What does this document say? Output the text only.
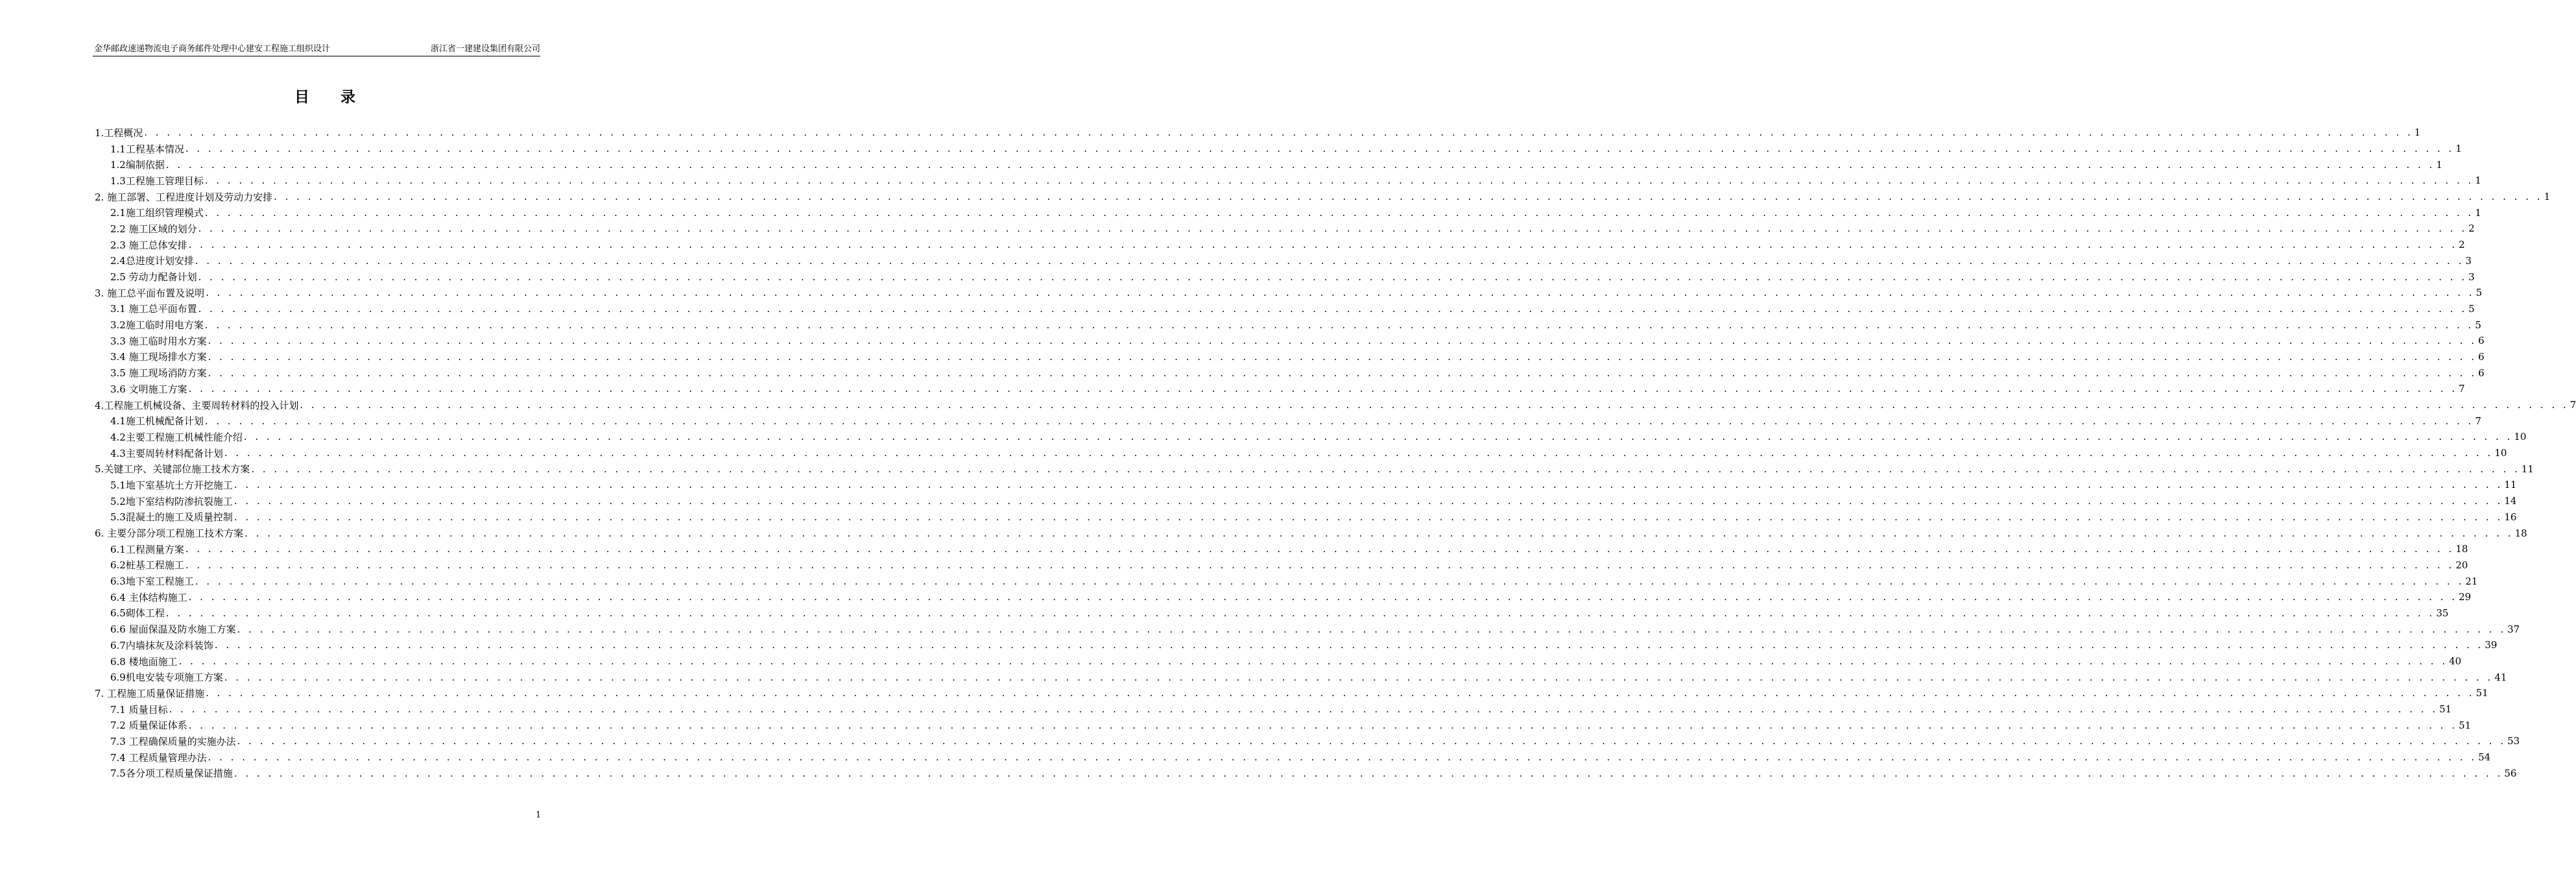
金华邮政速递物流电子商务邮件处理中心建安工程施工组织设计	浙江省一建建设集团有限公司
目 录
1.工程概况 . . . . . . . . . . . . . . . . . . . . . . . . . . . . . . . . . . . . . . . . . . . . . . . . . . . . . . . . . . . . . . . . . . . . . . . . . . . . . . . . . . . . . . . . . . . . . . . . . . . . . . . . . . . . . . . . . . . . . . . . . . . . . . . . . . . . . . . . . . . . . . . . . . . . . . . . . . . . . . . . . . . . . . . . . . . . . . . . . . . . . . . . . . . . . . . . . . . . . . . . 1
1.1工程基本情况 . . . . . . . . . . . . . . . . . . . . . . . . . . . . . . . . . . . . . . . . . . . . . . . . . . . . . . . . . . . . . . . . . . . . . . . . . . . . . . . . . . . . . . . . . . . . . . . . . . . . . . . . . . . . . . . . . . . . . . . . . . . . . . . . . . . . . . . . . . . . . . . . . . . . . . . . . . . . . . . . . . . . . . . . . . . . . . . . . . . . . . . . . . . . . . . . . . . . . . . . 1
1.2编制依据 . . . . . . . . . . . . . . . . . . . . . . . . . . . . . . . . . . . . . . . . . . . . . . . . . . . . . . . . . . . . . . . . . . . . . . . . . . . . . . . . . . . . . . . . . . . . . . . . . . . . . . . . . . . . . . . . . . . . . . . . . . . . . . . . . . . . . . . . . . . . . . . . . . . . . . . . . . . . . . . . . . . . . . . . . . . . . . . . . . . . . . . . . . . . . . . . . . . . . . . . 1
1.3工程施工管理目标 . . . . . . . . . . . . . . . . . . . . . . . . . . . . . . . . . . . . . . . . . . . . . . . . . . . . . . . . . . . . . . . . . . . . . . . . . . . . . . . . . . . . . . . . . . . . . . . . . . . . . . . . . . . . . . . . . . . . . . . . . . . . . . . . . . . . . . . . . . . . . . . . . . . . . . . . . . . . . . . . . . . . . . . . . . . . . . . . . . . . . . . . . . . . . . . . . . . . . . . . 1
2. 施工部署、工程进度计划及劳动力安排 . . . . . . . . . . . . . . . . . . . . . . . . . . . . . . . . . . . . . . . . . . . . . . . . . . . . . . . . . . . . . . . . . . . . . . . . . . . . . . . . . . . . . . . . . . . . . . . . . . . . . . . . . . . . . . . . . . . . . . . . . . . . . . . . . . . . . . . . . . . . . . . . . . . . . . . . . . . . . . . . . . . . . . . . . . . . . . . . . . . . . . . . . . . . . . . . . . . . . . . . 1
2.1施工组织管理模式 . . . . . . . . . . . . . . . . . . . . . . . . . . . . . . . . . . . . . . . . . . . . . . . . . . . . . . . . . . . . . . . . . . . . . . . . . . . . . . . . . . . . . . . . . . . . . . . . . . . . . . . . . . . . . . . . . . . . . . . . . . . . . . . . . . . . . . . . . . . . . . . . . . . . . . . . . . . . . . . . . . . . . . . . . . . . . . . . . . . . . . . . . . . . . . . . . . . . . . . . 1
2.2 施工区域的划分 . . . . . . . . . . . . . . . . . . . . . . . . . . . . . . . . . . . . . . . . . . . . . . . . . . . . . . . . . . . . . . . . . . . . . . . . . . . . . . . . . . . . . . . . . . . . . . . . . . . . . . . . . . . . . . . . . . . . . . . . . . . . . . . . . . . . . . . . . . . . . . . . . . . . . . . . . . . . . . . . . . . . . . . . . . . . . . . . . . . . . . . . . . . . . . . . . . . . . . . . 2
2.3 施工总体安排 . . . . . . . . . . . . . . . . . . . . . . . . . . . . . . . . . . . . . . . . . . . . . . . . . . . . . . . . . . . . . . . . . . . . . . . . . . . . . . . . . . . . . . . . . . . . . . . . . . . . . . . . . . . . . . . . . . . . . . . . . . . . . . . . . . . . . . . . . . . . . . . . . . . . . . . . . . . . . . . . . . . . . . . . . . . . . . . . . . . . . . . . . . . . . . . . . . . . . . . . 2
2.4总进度计划安排 . . . . . . . . . . . . . . . . . . . . . . . . . . . . . . . . . . . . . . . . . . . . . . . . . . . . . . . . . . . . . . . . . . . . . . . . . . . . . . . . . . . . . . . . . . . . . . . . . . . . . . . . . . . . . . . . . . . . . . . . . . . . . . . . . . . . . . . . . . . . . . . . . . . . . . . . . . . . . . . . . . . . . . . . . . . . . . . . . . . . . . . . . . . . . . . . . . . . . . . . 3
2.5 劳动力配备计划 . . . . . . . . . . . . . . . . . . . . . . . . . . . . . . . . . . . . . . . . . . . . . . . . . . . . . . . . . . . . . . . . . . . . . . . . . . . . . . . . . . . . . . . . . . . . . . . . . . . . . . . . . . . . . . . . . . . . . . . . . . . . . . . . . . . . . . . . . . . . . . . . . . . . . . . . . . . . . . . . . . . . . . . . . . . . . . . . . . . . . . . . . . . . . . . . . . . . . . . . 3
3. 施工总平面布置及说明 . . . . . . . . . . . . . . . . . . . . . . . . . . . . . . . . . . . . . . . . . . . . . . . . . . . . . . . . . . . . . . . . . . . . . . . . . . . . . . . . . . . . . . . . . . . . . . . . . . . . . . . . . . . . . . . . . . . . . . . . . . . . . . . . . . . . . . . . . . . . . . . . . . . . . . . . . . . . . . . . . . . . . . . . . . . . . . . . . . . . . . . . . . . . . . . . . . . . . . . . 5
3.1 施工总平面布置 . . . . . . . . . . . . . . . . . . . . . . . . . . . . . . . . . . . . . . . . . . . . . . . . . . . . . . . . . . . . . . . . . . . . . . . . . . . . . . . . . . . . . . . . . . . . . . . . . . . . . . . . . . . . . . . . . . . . . . . . . . . . . . . . . . . . . . . . . . . . . . . . . . . . . . . . . . . . . . . . . . . . . . . . . . . . . . . . . . . . . . . . . . . . . . . . . . . . . . . . 5
3.2施工临时用电方案 . . . . . . . . . . . . . . . . . . . . . . . . . . . . . . . . . . . . . . . . . . . . . . . . . . . . . . . . . . . . . . . . . . . . . . . . . . . . . . . . . . . . . . . . . . . . . . . . . . . . . . . . . . . . . . . . . . . . . . . . . . . . . . . . . . . . . . . . . . . . . . . . . . . . . . . . . . . . . . . . . . . . . . . . . . . . . . . . . . . . . . . . . . . . . . . . . . . . . . . . 5
3.3 施工临时用水方案 . . . . . . . . . . . . . . . . . . . . . . . . . . . . . . . . . . . . . . . . . . . . . . . . . . . . . . . . . . . . . . . . . . . . . . . . . . . . . . . . . . . . . . . . . . . . . . . . . . . . . . . . . . . . . . . . . . . . . . . . . . . . . . . . . . . . . . . . . . . . . . . . . . . . . . . . . . . . . . . . . . . . . . . . . . . . . . . . . . . . . . . . . . . . . . . . . . . . . . . . 6
3.4 施工现场排水方案 . . . . . . . . . . . . . . . . . . . . . . . . . . . . . . . . . . . . . . . . . . . . . . . . . . . . . . . . . . . . . . . . . . . . . . . . . . . . . . . . . . . . . . . . . . . . . . . . . . . . . . . . . . . . . . . . . . . . . . . . . . . . . . . . . . . . . . . . . . . . . . . . . . . . . . . . . . . . . . . . . . . . . . . . . . . . . . . . . . . . . . . . . . . . . . . . . . . . . . . . 6
3.5 施工现场消防方案 . . . . . . . . . . . . . . . . . . . . . . . . . . . . . . . . . . . . . . . . . . . . . . . . . . . . . . . . . . . . . . . . . . . . . . . . . . . . . . . . . . . . . . . . . . . . . . . . . . . . . . . . . . . . . . . . . . . . . . . . . . . . . . . . . . . . . . . . . . . . . . . . . . . . . . . . . . . . . . . . . . . . . . . . . . . . . . . . . . . . . . . . . . . . . . . . . . . . . . . . 6
3.6 文明施工方案 . . . . . . . . . . . . . . . . . . . . . . . . . . . . . . . . . . . . . . . . . . . . . . . . . . . . . . . . . . . . . . . . . . . . . . . . . . . . . . . . . . . . . . . . . . . . . . . . . . . . . . . . . . . . . . . . . . . . . . . . . . . . . . . . . . . . . . . . . . . . . . . . . . . . . . . . . . . . . . . . . . . . . . . . . . . . . . . . . . . . . . . . . . . . . . . . . . . . . . . . 7
4.工程施工机械设备、主要周转材料的投入计划 . . . . . . . . . . . . . . . . . . . . . . . . . . . . . . . . . . . . . . . . . . . . . . . . . . . . . . . . . . . . . . . . . . . . . . . . . . . . . . . . . . . . . . . . . . . . . . . . . . . . . . . . . . . . . . . . . . . . . . . . . . . . . . . . . . . . . . . . . . . . . . . . . . . . . . . . . . . . . . . . . . . . . . . . . . . . . . . . . . . . . . . . . . . . . . . . . . . . . . . . 7
4.1施工机械配备计划 . . . . . . . . . . . . . . . . . . . . . . . . . . . . . . . . . . . . . . . . . . . . . . . . . . . . . . . . . . . . . . . . . . . . . . . . . . . . . . . . . . . . . . . . . . . . . . . . . . . . . . . . . . . . . . . . . . . . . . . . . . . . . . . . . . . . . . . . . . . . . . . . . . . . . . . . . . . . . . . . . . . . . . . . . . . . . . . . . . . . . . . . . . . . . . . . . . . . . . . . 7
4.2主要工程施工机械性能介绍 . . . . . . . . . . . . . . . . . . . . . . . . . . . . . . . . . . . . . . . . . . . . . . . . . . . . . . . . . . . . . . . . . . . . . . . . . . . . . . . . . . . . . . . . . . . . . . . . . . . . . . . . . . . . . . . . . . . . . . . . . . . . . . . . . . . . . . . . . . . . . . . . . . . . . . . . . . . . . . . . . . . . . . . . . . . . . . . . . . . . . . . . . . . . . . . . . . . . . . . . 10
4.3主要周转材料配备计划 . . . . . . . . . . . . . . . . . . . . . . . . . . . . . . . . . . . . . . . . . . . . . . . . . . . . . . . . . . . . . . . . . . . . . . . . . . . . . . . . . . . . . . . . . . . . . . . . . . . . . . . . . . . . . . . . . . . . . . . . . . . . . . . . . . . . . . . . . . . . . . . . . . . . . . . . . . . . . . . . . . . . . . . . . . . . . . . . . . . . . . . . . . . . . . . . . . . . . . . . 10
5.关键工序、关键部位施工技术方案 . . . . . . . . . . . . . . . . . . . . . . . . . . . . . . . . . . . . . . . . . . . . . . . . . . . . . . . . . . . . . . . . . . . . . . . . . . . . . . . . . . . . . . . . . . . . . . . . . . . . . . . . . . . . . . . . . . . . . . . . . . . . . . . . . . . . . . . . . . . . . . . . . . . . . . . . . . . . . . . . . . . . . . . . . . . . . . . . . . . . . . . . . . . . . . . . . . . . . . . . 11
5.1地下室基坑土方开挖施工 . . . . . . . . . . . . . . . . . . . . . . . . . . . . . . . . . . . . . . . . . . . . . . . . . . . . . . . . . . . . . . . . . . . . . . . . . . . . . . . . . . . . . . . . . . . . . . . . . . . . . . . . . . . . . . . . . . . . . . . . . . . . . . . . . . . . . . . . . . . . . . . . . . . . . . . . . . . . . . . . . . . . . . . . . . . . . . . . . . . . . . . . . . . . . . . . . . . . . . . . 11
5.2地下室结构防渗抗裂施工 . . . . . . . . . . . . . . . . . . . . . . . . . . . . . . . . . . . . . . . . . . . . . . . . . . . . . . . . . . . . . . . . . . . . . . . . . . . . . . . . . . . . . . . . . . . . . . . . . . . . . . . . . . . . . . . . . . . . . . . . . . . . . . . . . . . . . . . . . . . . . . . . . . . . . . . . . . . . . . . . . . . . . . . . . . . . . . . . . . . . . . . . . . . . . . . . . . . . . . . . 14
5.3混凝土的施工及质量控制 . . . . . . . . . . . . . . . . . . . . . . . . . . . . . . . . . . . . . . . . . . . . . . . . . . . . . . . . . . . . . . . . . . . . . . . . . . . . . . . . . . . . . . . . . . . . . . . . . . . . . . . . . . . . . . . . . . . . . . . . . . . . . . . . . . . . . . . . . . . . . . . . . . . . . . . . . . . . . . . . . . . . . . . . . . . . . . . . . . . . . . . . . . . . . . . . . . . . . . . . 16
6. 主要分部分项工程施工技术方案 . . . . . . . . . . . . . . . . . . . . . . . . . . . . . . . . . . . . . . . . . . . . . . . . . . . . . . . . . . . . . . . . . . . . . . . . . . . . . . . . . . . . . . . . . . . . . . . . . . . . . . . . . . . . . . . . . . . . . . . . . . . . . . . . . . . . . . . . . . . . . . . . . . . . . . . . . . . . . . . . . . . . . . . . . . . . . . . . . . . . . . . . . . . . . . . . . . . . . . . . 18
6.1工程测量方案 . . . . . . . . . . . . . . . . . . . . . . . . . . . . . . . . . . . . . . . . . . . . . . . . . . . . . . . . . . . . . . . . . . . . . . . . . . . . . . . . . . . . . . . . . . . . . . . . . . . . . . . . . . . . . . . . . . . . . . . . . . . . . . . . . . . . . . . . . . . . . . . . . . . . . . . . . . . . . . . . . . . . . . . . . . . . . . . . . . . . . . . . . . . . . . . . . . . . . . . . 18
6.2桩基工程施工 . . . . . . . . . . . . . . . . . . . . . . . . . . . . . . . . . . . . . . . . . . . . . . . . . . . . . . . . . . . . . . . . . . . . . . . . . . . . . . . . . . . . . . . . . . . . . . . . . . . . . . . . . . . . . . . . . . . . . . . . . . . . . . . . . . . . . . . . . . . . . . . . . . . . . . . . . . . . . . . . . . . . . . . . . . . . . . . . . . . . . . . . . . . . . . . . . . . . . . . . 20
6.3地下室工程施工 . . . . . . . . . . . . . . . . . . . . . . . . . . . . . . . . . . . . . . . . . . . . . . . . . . . . . . . . . . . . . . . . . . . . . . . . . . . . . . . . . . . . . . . . . . . . . . . . . . . . . . . . . . . . . . . . . . . . . . . . . . . . . . . . . . . . . . . . . . . . . . . . . . . . . . . . . . . . . . . . . . . . . . . . . . . . . . . . . . . . . . . . . . . . . . . . . . . . . . . . 21
6.4 主体结构施工 . . . . . . . . . . . . . . . . . . . . . . . . . . . . . . . . . . . . . . . . . . . . . . . . . . . . . . . . . . . . . . . . . . . . . . . . . . . . . . . . . . . . . . . . . . . . . . . . . . . . . . . . . . . . . . . . . . . . . . . . . . . . . . . . . . . . . . . . . . . . . . . . . . . . . . . . . . . . . . . . . . . . . . . . . . . . . . . . . . . . . . . . . . . . . . . . . . . . . . . . 29
6.5砌体工程 . . . . . . . . . . . . . . . . . . . . . . . . . . . . . . . . . . . . . . . . . . . . . . . . . . . . . . . . . . . . . . . . . . . . . . . . . . . . . . . . . . . . . . . . . . . . . . . . . . . . . . . . . . . . . . . . . . . . . . . . . . . . . . . . . . . . . . . . . . . . . . . . . . . . . . . . . . . . . . . . . . . . . . . . . . . . . . . . . . . . . . . . . . . . . . . . . . . . . . . . 35
6.6 屋面保温及防水施工方案 . . . . . . . . . . . . . . . . . . . . . . . . . . . . . . . . . . . . . . . . . . . . . . . . . . . . . . . . . . . . . . . . . . . . . . . . . . . . . . . . . . . . . . . . . . . . . . . . . . . . . . . . . . . . . . . . . . . . . . . . . . . . . . . . . . . . . . . . . . . . . . . . . . . . . . . . . . . . . . . . . . . . . . . . . . . . . . . . . . . . . . . . . . . . . . . . . . . . . . . . 37
6.7内墙抹灰及涂料装饰 . . . . . . . . . . . . . . . . . . . . . . . . . . . . . . . . . . . . . . . . . . . . . . . . . . . . . . . . . . . . . . . . . . . . . . . . . . . . . . . . . . . . . . . . . . . . . . . . . . . . . . . . . . . . . . . . . . . . . . . . . . . . . . . . . . . . . . . . . . . . . . . . . . . . . . . . . . . . . . . . . . . . . . . . . . . . . . . . . . . . . . . . . . . . . . . . . . . . . . . . 39
6.8 楼地面施工 . . . . . . . . . . . . . . . . . . . . . . . . . . . . . . . . . . . . . . . . . . . . . . . . . . . . . . . . . . . . . . . . . . . . . . . . . . . . . . . . . . . . . . . . . . . . . . . . . . . . . . . . . . . . . . . . . . . . . . . . . . . . . . . . . . . . . . . . . . . . . . . . . . . . . . . . . . . . . . . . . . . . . . . . . . . . . . . . . . . . . . . . . . . . . . . . . . . . . . . . 40
6.9机电安装专项施工方案 . . . . . . . . . . . . . . . . . . . . . . . . . . . . . . . . . . . . . . . . . . . . . . . . . . . . . . . . . . . . . . . . . . . . . . . . . . . . . . . . . . . . . . . . . . . . . . . . . . . . . . . . . . . . . . . . . . . . . . . . . . . . . . . . . . . . . . . . . . . . . . . . . . . . . . . . . . . . . . . . . . . . . . . . . . . . . . . . . . . . . . . . . . . . . . . . . . . . . . . . 41
7. 工程施工质量保证措施 . . . . . . . . . . . . . . . . . . . . . . . . . . . . . . . . . . . . . . . . . . . . . . . . . . . . . . . . . . . . . . . . . . . . . . . . . . . . . . . . . . . . . . . . . . . . . . . . . . . . . . . . . . . . . . . . . . . . . . . . . . . . . . . . . . . . . . . . . . . . . . . . . . . . . . . . . . . . . . . . . . . . . . . . . . . . . . . . . . . . . . . . . . . . . . . . . . . . . . . . 51
7.1 质量目标 . . . . . . . . . . . . . . . . . . . . . . . . . . . . . . . . . . . . . . . . . . . . . . . . . . . . . . . . . . . . . . . . . . . . . . . . . . . . . . . . . . . . . . . . . . . . . . . . . . . . . . . . . . . . . . . . . . . . . . . . . . . . . . . . . . . . . . . . . . . . . . . . . . . . . . . . . . . . . . . . . . . . . . . . . . . . . . . . . . . . . . . . . . . . . . . . . . . . . . . . 51
7.2 质量保证体系 . . . . . . . . . . . . . . . . . . . . . . . . . . . . . . . . . . . . . . . . . . . . . . . . . . . . . . . . . . . . . . . . . . . . . . . . . . . . . . . . . . . . . . . . . . . . . . . . . . . . . . . . . . . . . . . . . . . . . . . . . . . . . . . . . . . . . . . . . . . . . . . . . . . . . . . . . . . . . . . . . . . . . . . . . . . . . . . . . . . . . . . . . . . . . . . . . . . . . . . . 51
7.3 工程确保质量的实施办法 . . . . . . . . . . . . . . . . . . . . . . . . . . . . . . . . . . . . . . . . . . . . . . . . . . . . . . . . . . . . . . . . . . . . . . . . . . . . . . . . . . . . . . . . . . . . . . . . . . . . . . . . . . . . . . . . . . . . . . . . . . . . . . . . . . . . . . . . . . . . . . . . . . . . . . . . . . . . . . . . . . . . . . . . . . . . . . . . . . . . . . . . . . . . . . . . . . . . . . . . 53
7.4 工程质量管理办法 . . . . . . . . . . . . . . . . . . . . . . . . . . . . . . . . . . . . . . . . . . . . . . . . . . . . . . . . . . . . . . . . . . . . . . . . . . . . . . . . . . . . . . . . . . . . . . . . . . . . . . . . . . . . . . . . . . . . . . . . . . . . . . . . . . . . . . . . . . . . . . . . . . . . . . . . . . . . . . . . . . . . . . . . . . . . . . . . . . . . . . . . . . . . . . . . . . . . . . . . 54
7.5各分项工程质量保证措施 . . . . . . . . . . . . . . . . . . . . . . . . . . . . . . . . . . . . . . . . . . . . . . . . . . . . . . . . . . . . . . . . . . . . . . . . . . . . . . . . . . . . . . . . . . . . . . . . . . . . . . . . . . . . . . . . . . . . . . . . . . . . . . . . . . . . . . . . . . . . . . . . . . . . . . . . . . . . . . . . . . . . . . . . . . . . . . . . . . . . . . . . . . . . . . . . . . . . . . . . 56
1
